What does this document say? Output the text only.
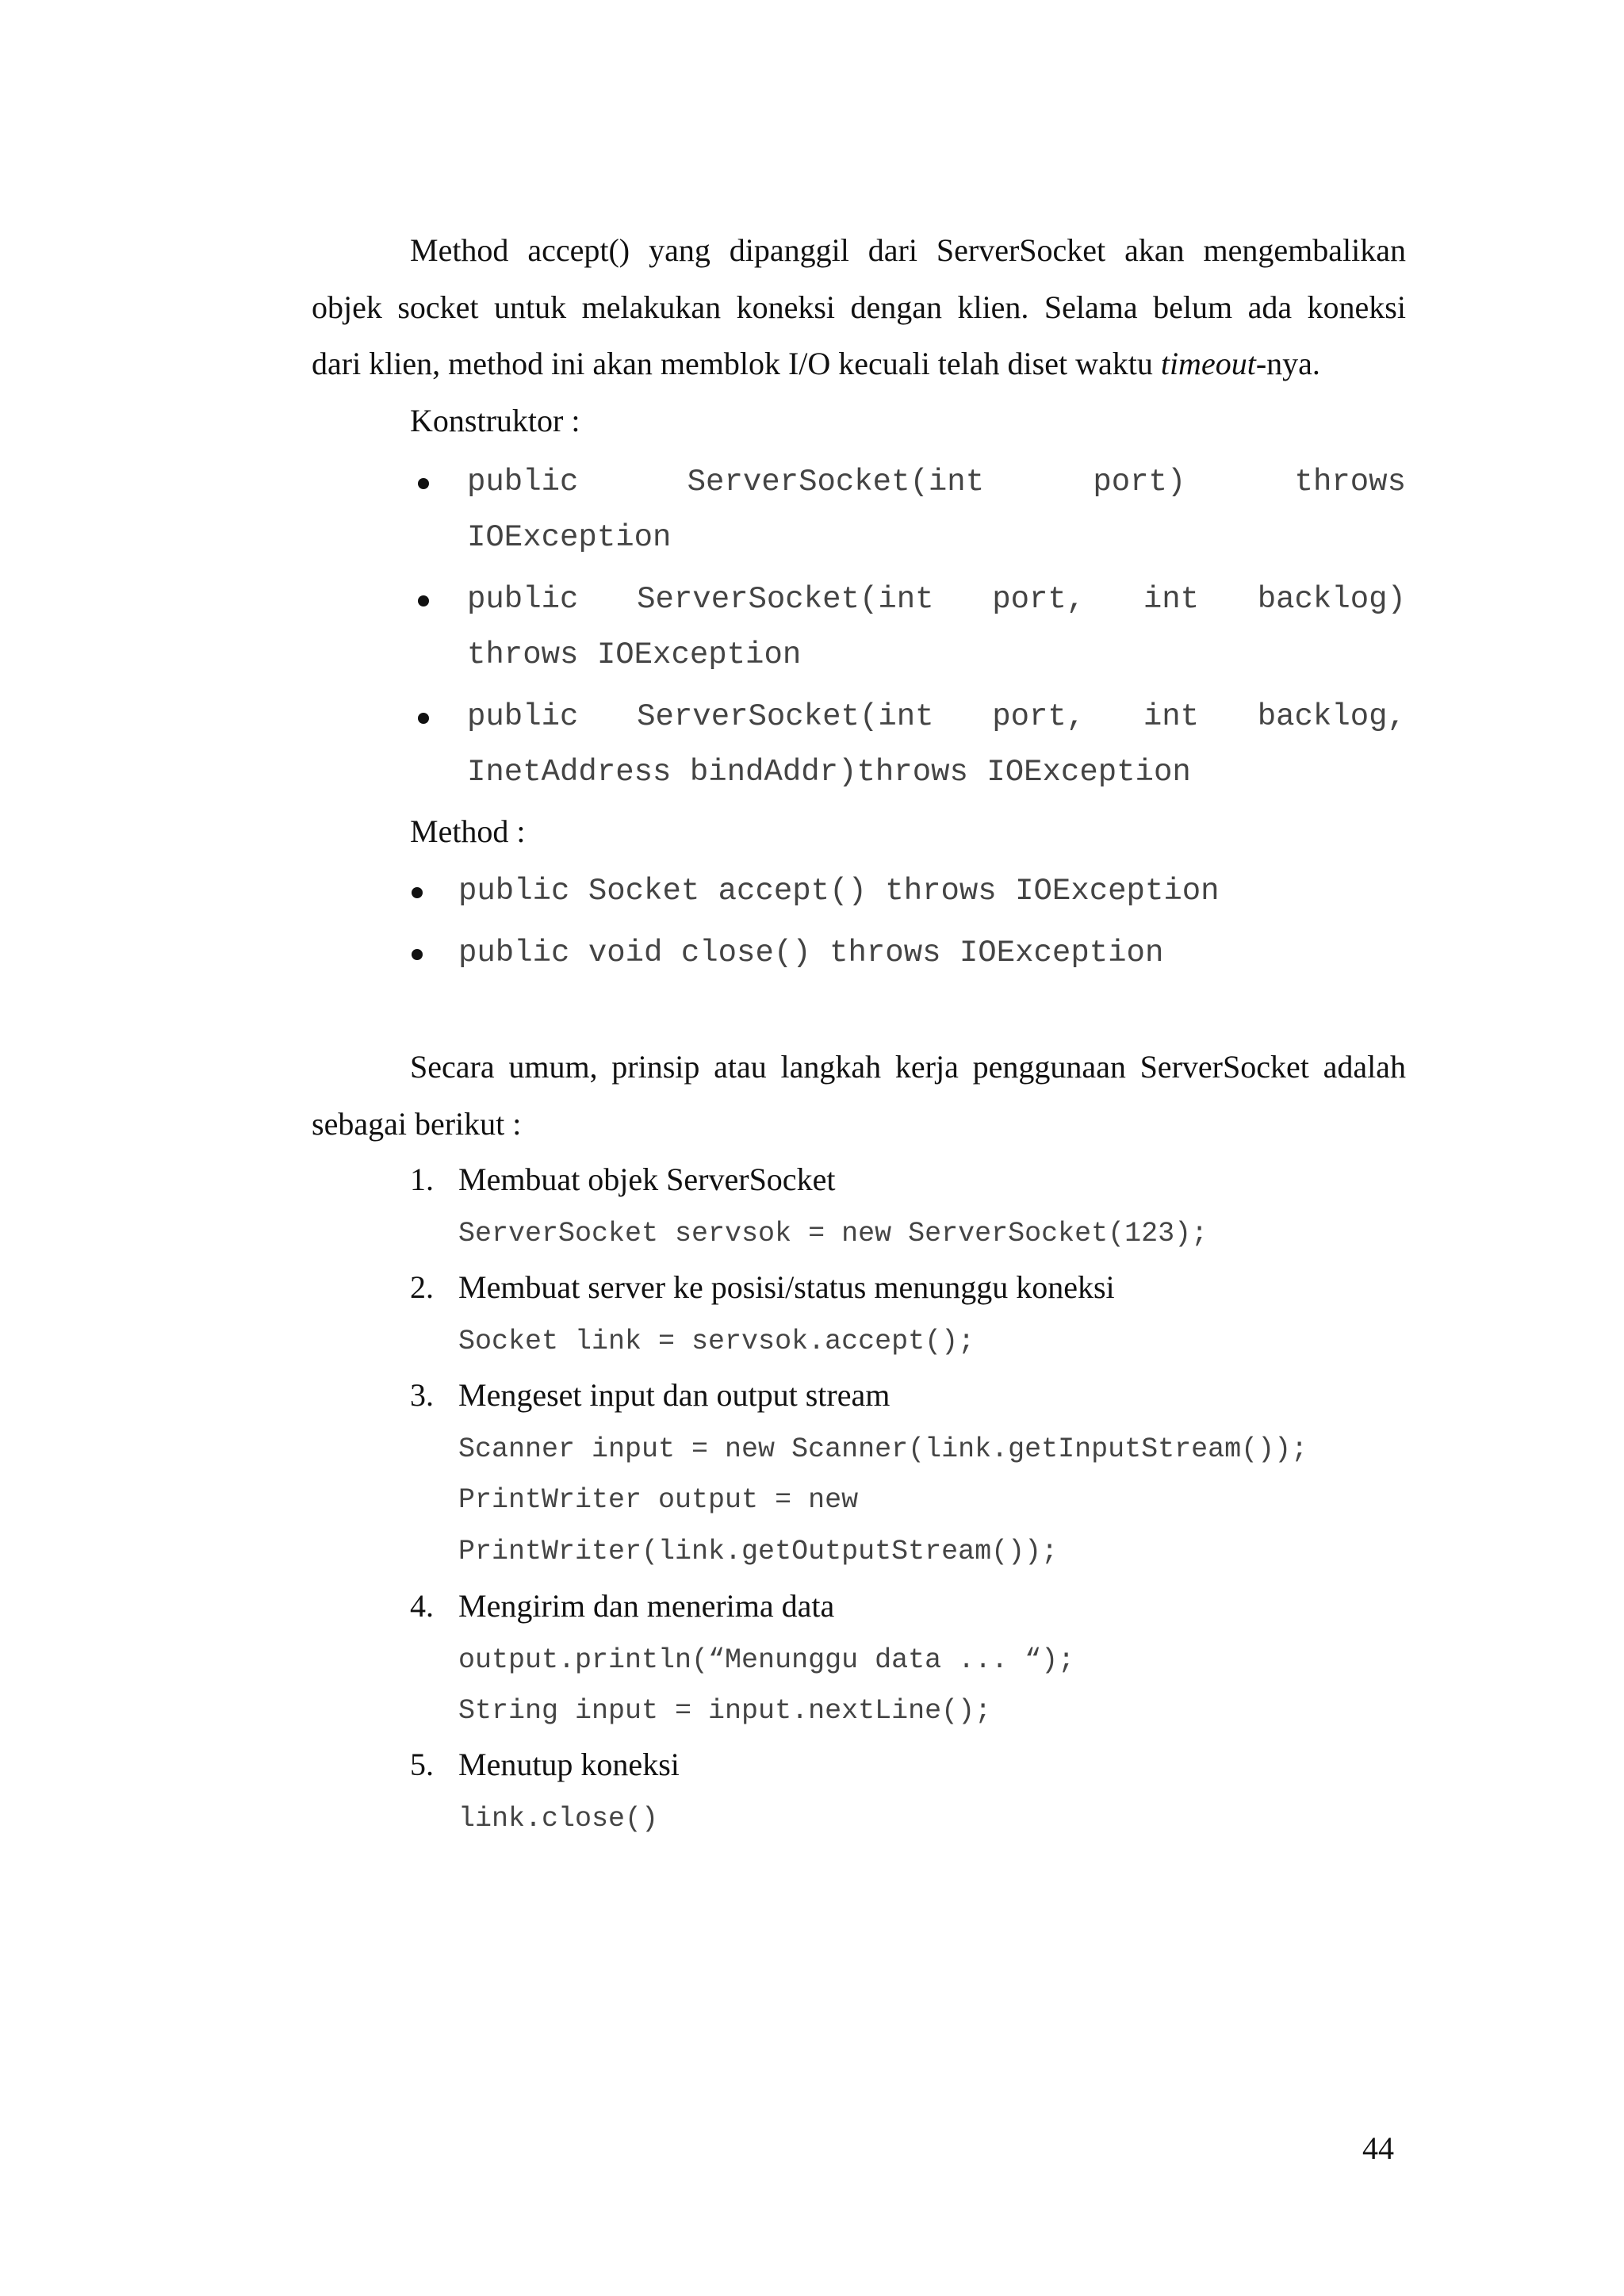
Method accept() yang dipanggil dari ServerSocket akan mengembalikan
objek socket untuk melakukan koneksi dengan klien. Selama belum ada koneksi
dari klien, method ini akan memblok I/O kecuali telah diset waktu timeout-nya.
Konstruktor :
public	ServerSocket(int	port)	throws
IOException
public ServerSocket(int port, int backlog)
throws IOException
public ServerSocket(int port, int backlog,
InetAddress bindAddr)throws IOException
Method :
public Socket accept() throws IOException
public void close() throws IOException
Secara umum, prinsip atau langkah kerja penggunaan ServerSocket adalah
sebagai berikut :
1. Membuat objek ServerSocket
ServerSocket servsok = new ServerSocket(123);
2. Membuat server ke posisi/status menunggu koneksi
Socket link = servsok.accept();
3. Mengeset input dan output stream
Scanner input = new Scanner(link.getInputStream());
PrintWriter output = new
PrintWriter(link.getOutputStream());
4. Mengirim dan menerima data
output.println(“Menunggu data ... “);
String input = input.nextLine();
5. Menutup koneksi
link.close()
44
